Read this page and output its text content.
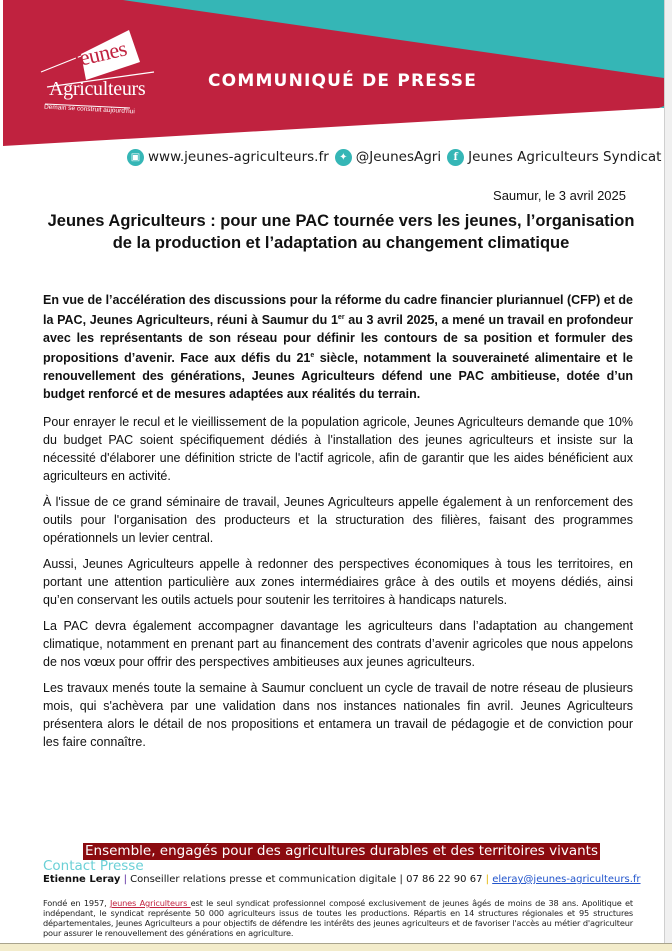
Jeunes
Agriculteurs
Demain se construit aujourd'hui
COMMUNIQUÉ DE PRESSE
▣ www.jeunes-agriculteurs.fr	✦ @JeunesAgri	f Jeunes Agriculteurs Syndicat
Saumur, le 3 avril 2025
Jeunes Agriculteurs : pour une PAC tournée vers les jeunes, l’organisation de la production et l’adaptation au changement climatique

En vue de l’accélération des discussions pour la réforme du cadre financier pluriannuel (CFP) et de la PAC, Jeunes Agriculteurs, réuni à Saumur du 1er au 3 avril 2025, a mené un travail en profondeur avec les représentants de son réseau pour définir les contours de sa position et formuler des propositions d’avenir. Face aux défis du 21e siècle, notamment la souveraineté alimentaire et le renouvellement des générations, Jeunes Agriculteurs défend une PAC ambitieuse, dotée d’un budget renforcé et de mesures adaptées aux réalités du terrain.

Pour enrayer le recul et le vieillissement de la population agricole, Jeunes Agriculteurs demande que 10% du budget PAC soient spécifiquement dédiés à l'installation des jeunes agriculteurs et insiste sur la nécessité d'élaborer une définition stricte de l'actif agricole, afin de garantir que les aides bénéficient aux agriculteurs en activité.

À l'issue de ce grand séminaire de travail, Jeunes Agriculteurs appelle également à un renforcement des outils pour l'organisation des producteurs et la structuration des filières, faisant des programmes opérationnels un levier central.

Aussi, Jeunes Agriculteurs appelle à redonner des perspectives économiques à tous les territoires, en portant une attention particulière aux zones intermédiaires grâce à des outils et moyens dédiés, ainsi qu’en conservant les outils actuels pour soutenir les territoires à handicaps naturels.

La PAC devra également accompagner davantage les agriculteurs dans l’adaptation au changement climatique, notamment en prenant part au financement des contrats d’avenir agricoles que nous appelons de nos vœux pour offrir des perspectives ambitieuses aux jeunes agriculteurs.

Les travaux menés toute la semaine à Saumur concluent un cycle de travail de notre réseau de plusieurs mois, qui s'achèvera par une validation dans nos instances nationales fin avril. Jeunes Agriculteurs présentera alors le détail de nos propositions et entamera un travail de pédagogie et de conviction pour les faire connaître.

Ensemble, engagés pour des agricultures durables et des territoires vivants
Contact Presse
Etienne Leray | Conseiller relations presse et communication digitale | 07 86 22 90 67 | eleray@jeunes-agriculteurs.fr
Fondé en 1957, Jeunes Agriculteurs est le seul syndicat professionnel composé exclusivement de jeunes âgés de moins de 38 ans. Apolitique et indépendant, le syndicat représente 50 000 agriculteurs issus de toutes les productions. Répartis en 14 structures régionales et 95 structures départementales, Jeunes Agriculteurs a pour objectifs de défendre les intérêts des jeunes agriculteurs et de favoriser l'accès au métier d'agriculteur pour assurer le renouvellement des générations en agriculture.
